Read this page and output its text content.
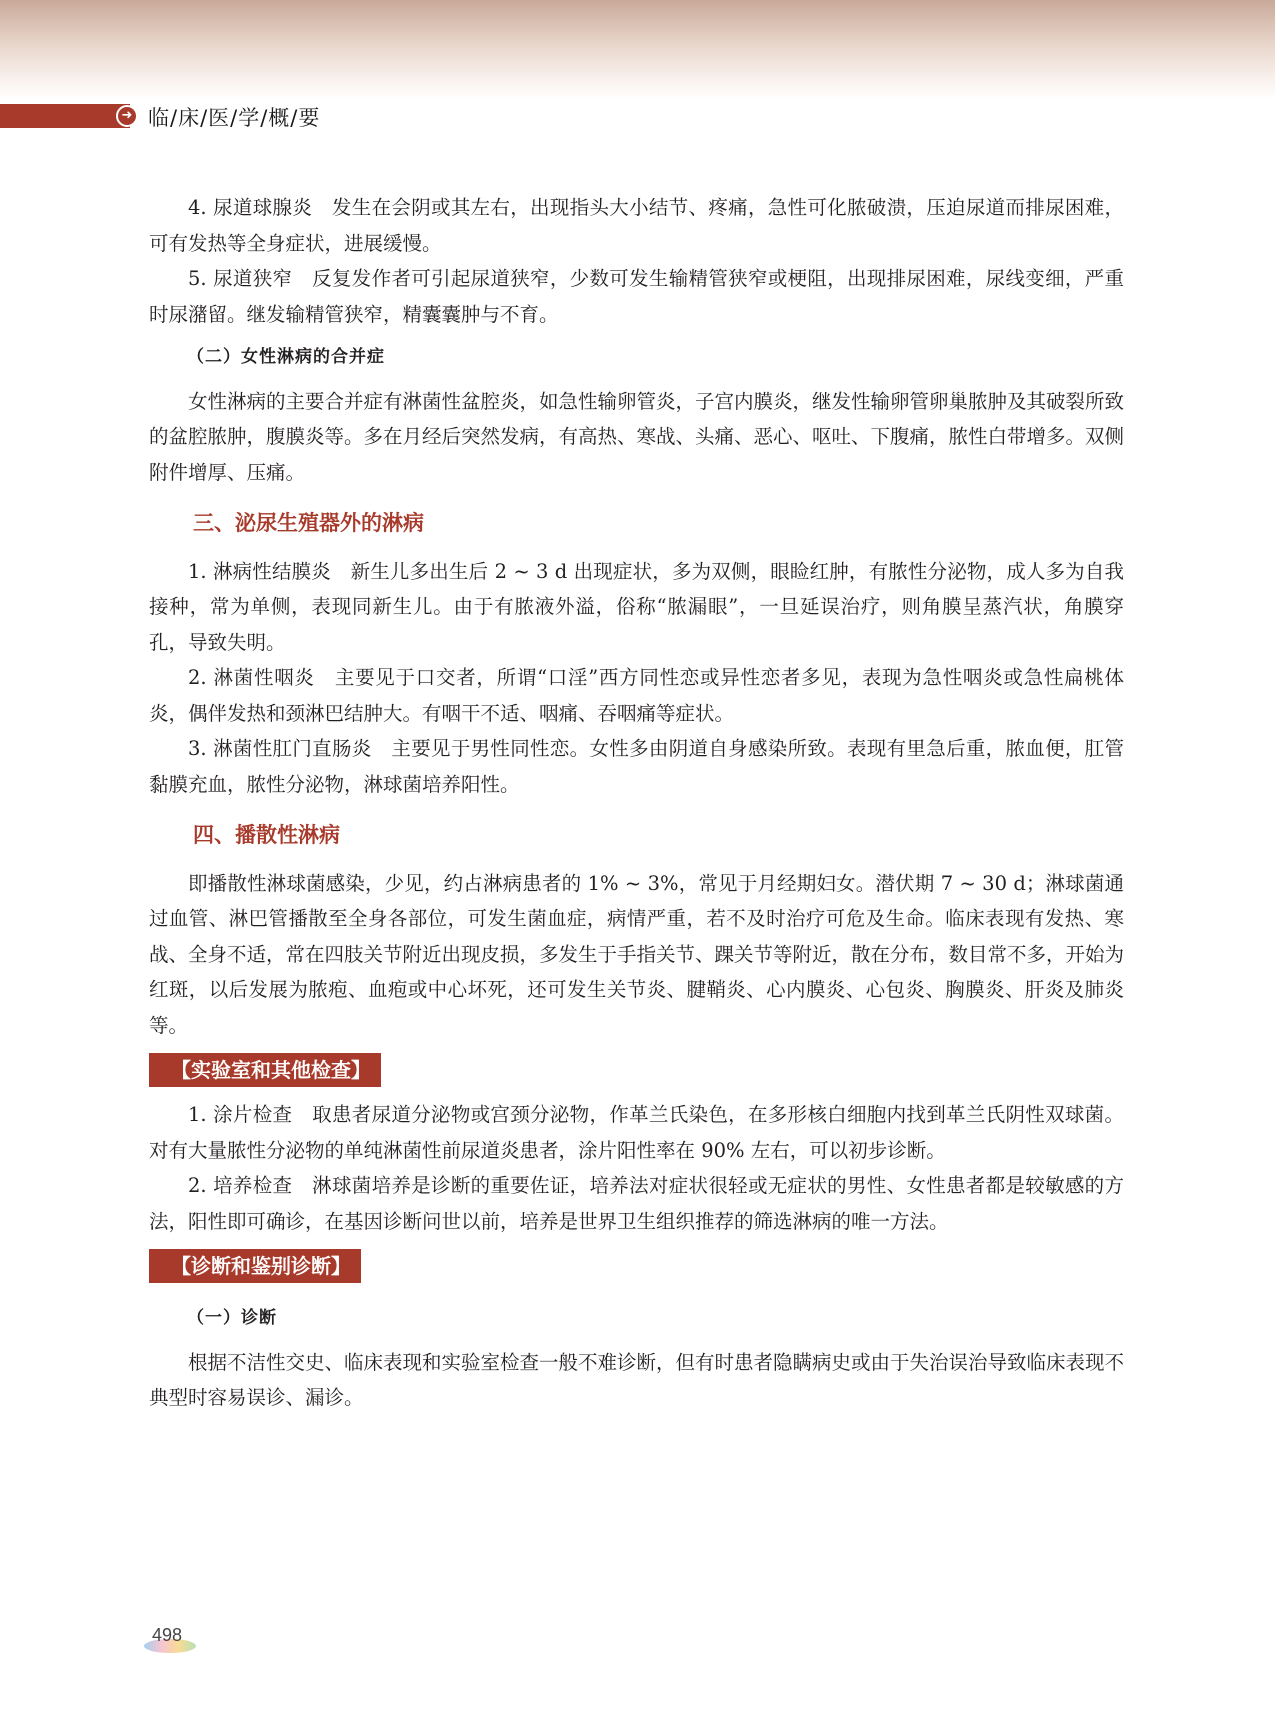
➜ 临/床/医/学/概/要

4. 尿道球腺炎　发生在会阴或其左右，出现指头大小结节、疼痛，急性可化脓破溃，压迫尿道而排尿困难，可有发热等全身症状，进展缓慢。

5. 尿道狭窄　反复发作者可引起尿道狭窄，少数可发生输精管狭窄或梗阻，出现排尿困难，尿线变细，严重时尿潴留。继发输精管狭窄，精囊囊肿与不育。

（二）女性淋病的合并症

女性淋病的主要合并症有淋菌性盆腔炎，如急性输卵管炎，子宫内膜炎，继发性输卵管卵巢脓肿及其破裂所致的盆腔脓肿，腹膜炎等。多在月经后突然发病，有高热、寒战、头痛、恶心、呕吐、下腹痛，脓性白带增多。双侧附件增厚、压痛。

三、泌尿生殖器外的淋病

1. 淋病性结膜炎　新生儿多出生后 2 ~ 3 d 出现症状，多为双侧，眼睑红肿，有脓性分泌物，成人多为自我接种，常为单侧，表现同新生儿。由于有脓液外溢，俗称“脓漏眼”，一旦延误治疗，则角膜呈蒸汽状，角膜穿孔，导致失明。

2. 淋菌性咽炎　主要见于口交者，所谓“口淫”西方同性恋或异性恋者多见，表现为急性咽炎或急性扁桃体炎，偶伴发热和颈淋巴结肿大。有咽干不适、咽痛、吞咽痛等症状。

3. 淋菌性肛门直肠炎　主要见于男性同性恋。女性多由阴道自身感染所致。表现有里急后重，脓血便，肛管黏膜充血，脓性分泌物，淋球菌培养阳性。

四、播散性淋病

即播散性淋球菌感染，少见，约占淋病患者的 1% ~ 3%，常见于月经期妇女。潜伏期 7 ~ 30 d；淋球菌通过血管、淋巴管播散至全身各部位，可发生菌血症，病情严重，若不及时治疗可危及生命。临床表现有发热、寒战、全身不适，常在四肢关节附近出现皮损，多发生于手指关节、踝关节等附近，散在分布，数目常不多，开始为红斑，以后发展为脓疱、血疱或中心坏死，还可发生关节炎、腱鞘炎、心内膜炎、心包炎、胸膜炎、肝炎及肺炎等。

【实验室和其他检查】

1. 涂片检查　取患者尿道分泌物或宫颈分泌物，作革兰氏染色，在多形核白细胞内找到革兰氏阴性双球菌。对有大量脓性分泌物的单纯淋菌性前尿道炎患者，涂片阳性率在 90% 左右，可以初步诊断。

2. 培养检查　淋球菌培养是诊断的重要佐证，培养法对症状很轻或无症状的男性、女性患者都是较敏感的方法，阳性即可确诊，在基因诊断问世以前，培养是世界卫生组织推荐的筛选淋病的唯一方法。

【诊断和鉴别诊断】
（一）诊断

根据不洁性交史、临床表现和实验室检查一般不难诊断，但有时患者隐瞒病史或由于失治误治导致临床表现不典型时容易误诊、漏诊。

498
